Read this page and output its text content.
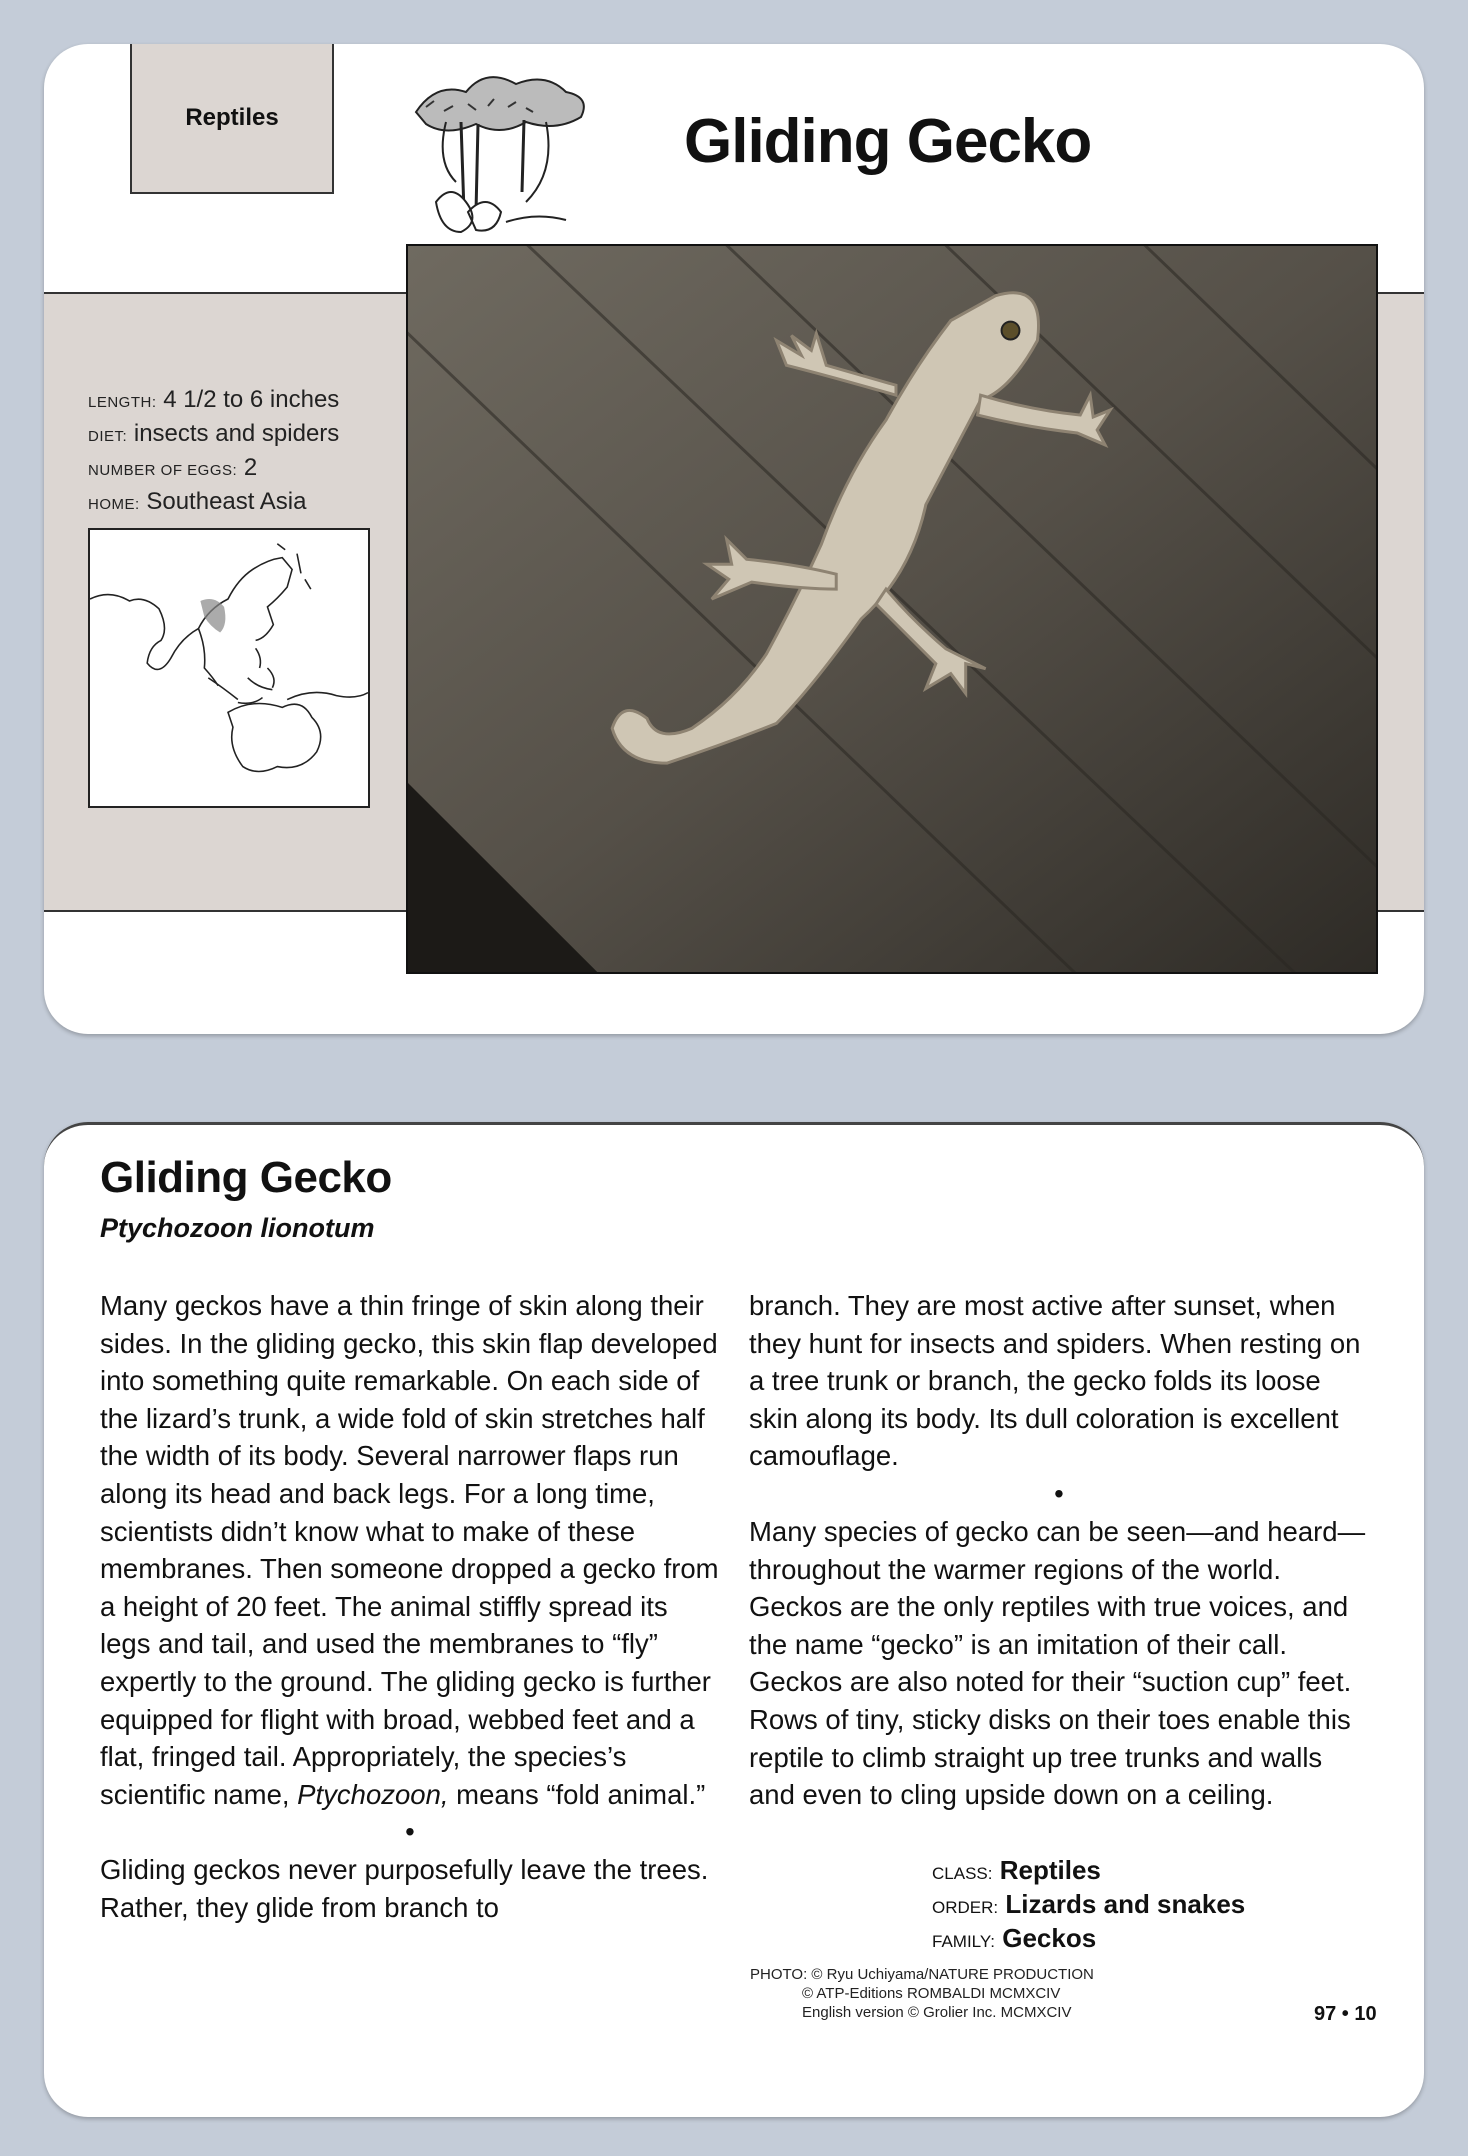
Reptiles	Gliding Gecko
LENGTH: 4 1/2 to 6 inches
DIET: insects and spiders
NUMBER OF EGGS: 2
HOME: Southeast Asia
Gliding Gecko
Ptychozoon lionotum

Many geckos have a thin fringe of skin along their sides. In the gliding gecko, this skin flap developed into something quite remarkable. On each side of the lizard’s trunk, a wide fold of skin stretches half the width of its body. Several narrower flaps run along its head and back legs. For a long time, scientists didn’t know what to make of these membranes. Then someone dropped a gecko from a height of 20 feet. The animal stiffly spread its legs and tail, and used the membranes to “fly” expertly to the ground. The gliding gecko is further equipped for flight with broad, webbed feet and a flat, fringed tail. Appropriately, the species’s scientific name, Ptychozoon, means “fold animal.”

•

Gliding geckos never purposefully leave the trees. Rather, they glide from branch to

branch. They are most active after sunset, when they hunt for insects and spiders. When resting on a tree trunk or branch, the gecko folds its loose skin along its body. Its dull coloration is excellent camouflage.

•

Many species of gecko can be seen—and heard—throughout the warmer regions of the world. Geckos are the only reptiles with true voices, and the name “gecko” is an imitation of their call. Geckos are also noted for their “suction cup” feet. Rows of tiny, sticky disks on their toes enable this reptile to climb straight up tree trunks and walls and even to cling upside down on a ceiling.

CLASS: Reptiles
ORDER: Lizards and snakes
FAMILY: Geckos
PHOTO: © Ryu Uchiyama/NATURE PRODUCTION
© ATP-Editions ROMBALDI MCMXCIV
English version © Grolier Inc. MCMXCIV	97 • 10
